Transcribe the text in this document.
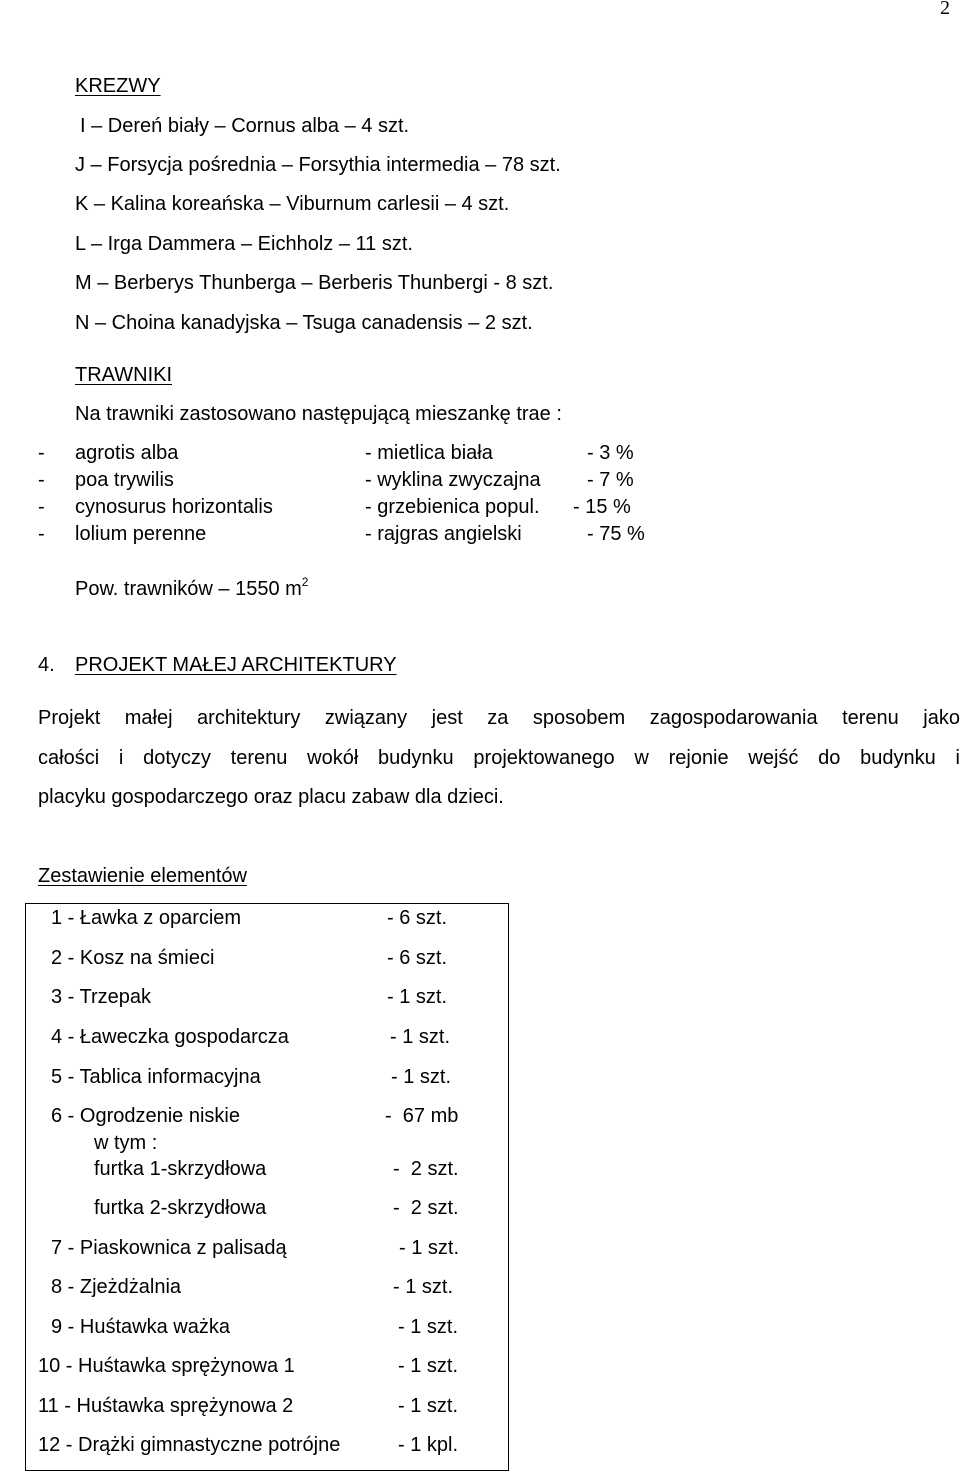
2
KREZWY
I – Dereń biały – Cornus alba – 4 szt.
J – Forsycja pośrednia – Forsythia intermedia – 78 szt.
K – Kalina koreańska – Viburnum carlesii – 4 szt.
L – Irga Dammera – Eichholz – 11 szt.
M – Berberys Thunberga – Berberis Thunbergi - 8 szt.
N – Choina kanadyjska – Tsuga canadensis – 2 szt.
TRAWNIKI
Na trawniki zastosowano następującą mieszankę trae :
- agrotis alba	- mietlica biała	- 3 %
- poa trywilis	- wyklina zwyczajna - 7 %
- cynosurus horizontalis	- grzebienica popul. - 15 %
- lolium perenne	- rajgras angielski	- 75 %
Pow. trawników – 1550 $m^2$
4. PROJEKT MAŁEJ ARCHITEKTURY
Projekt małej architektury związany jest za sposobem zagospodarowania terenu jako
całości i dotyczy terenu wokół budynku projektowanego w rejonie wejść do budynku i
placyku gospodarczego oraz placu zabaw dla dzieci.
Zestawienie elementów
1 - Ławka z oparciem	- 6 szt.
2 - Kosz na śmieci	- 6 szt.
3 - Trzepak	- 1 szt.
4 - Ławeczka gospodarcza	- 1 szt.
5 - Tablica informacyjna	- 1 szt.
6 - Ogrodzenie niskie	-  67 mb
w tym :
furtka 1-skrzydłowa	-  2 szt.
furtka 2-skrzydłowa	-  2 szt.
7 - Piaskownica z palisadą	- 1 szt.
8 - Zjeżdżalnia	- 1 szt.
9 - Huśtawka ważka	- 1 szt.
10 - Huśtawka sprężynowa 1	- 1 szt.
11 - Huśtawka sprężynowa 2	- 1 szt.
12 - Drążki gimnastyczne potrójne	- 1 kpl.
